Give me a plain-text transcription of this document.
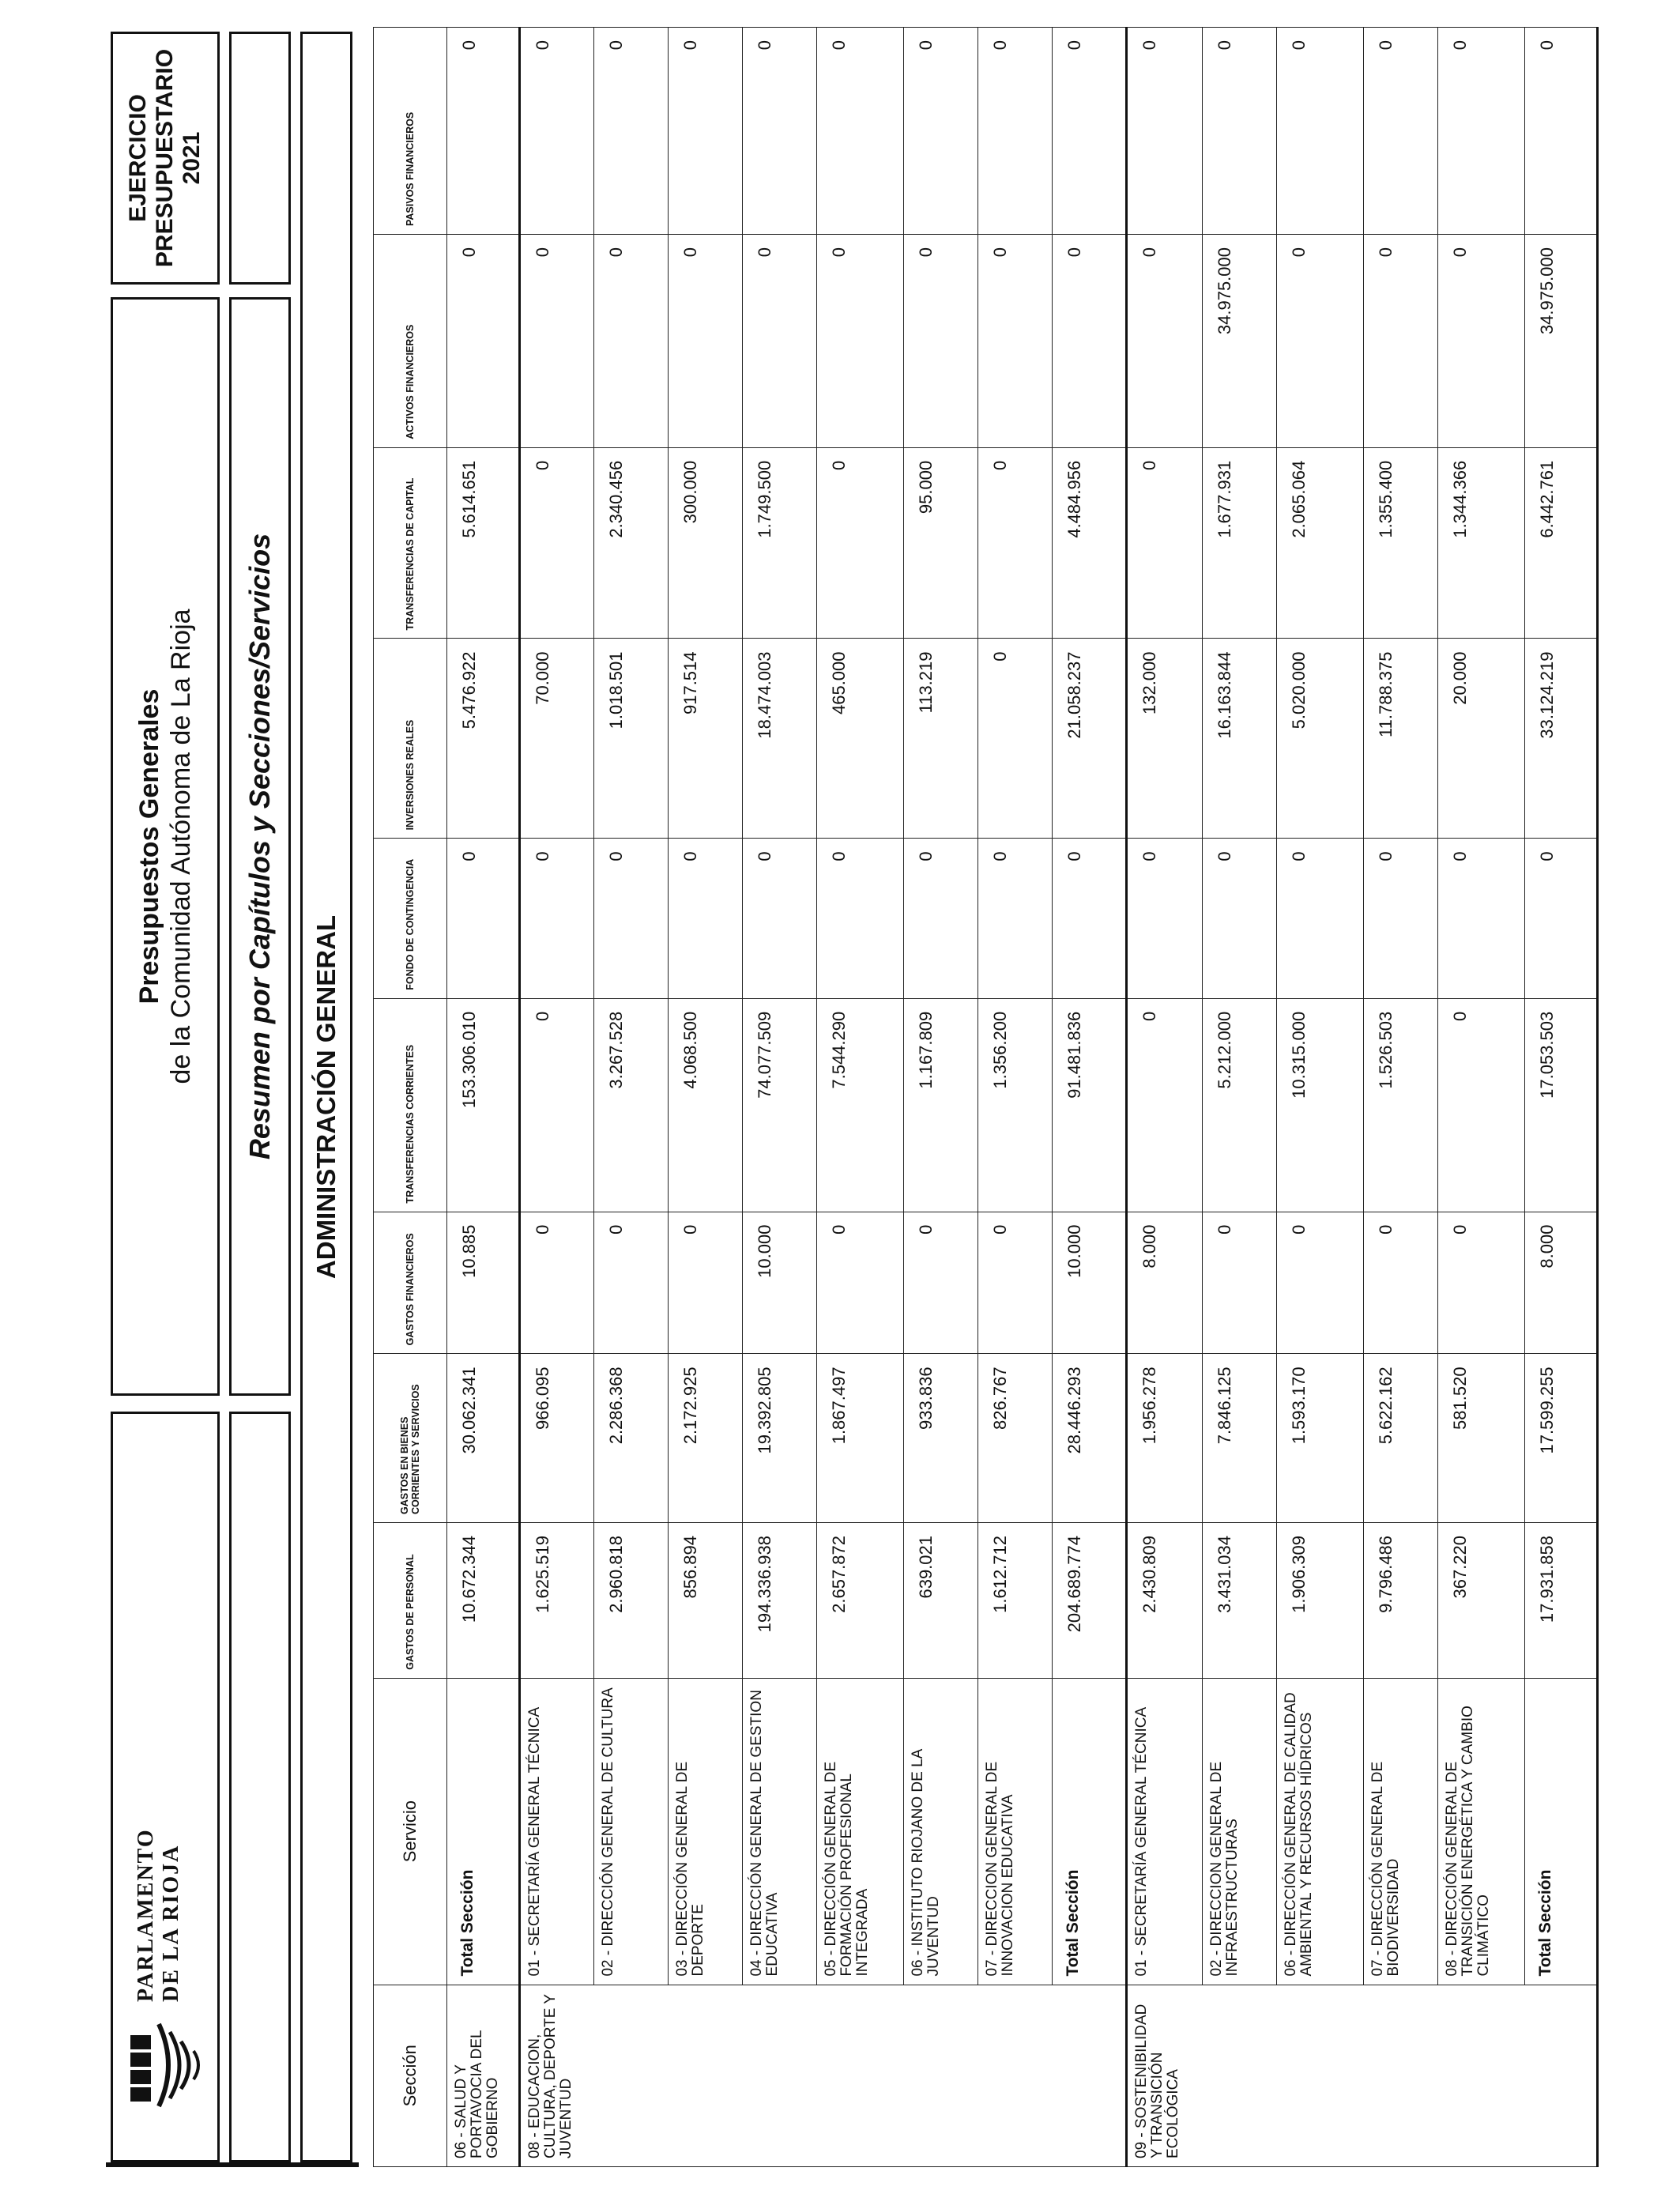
PARLAMENTO DE LA RIOJA
Presupuestos Generales de la Comunidad Autónoma de La Rioja
EJERCICIO PRESUPUESTARIO 2021
Resumen por Capítulos y Secciones/Servicios ADMINISTRACIÓN GENERAL
Sección	Servicio	GASTOS DE PERSONAL	GASTOS EN BIENES CORRIENTES Y SERVICIOS	GASTOS FINANCIEROS	TRANSFERENCIAS CORRIENTES	FONDO DE CONTINGENCIA	INVERSIONES REALES	TRANSFERENCIAS DE CAPITAL	ACTIVOS FINANCIEROS	PASIVOS FINANCIEROS
06 - SALUD Y PORTAVOCIA DEL GOBIERNO	Total Sección	10.672.344	30.062.341	10.885	153.306.010	0	5.476.922	5.614.651	0	0
08 - EDUCACION, CULTURA, DEPORTE Y JUVENTUD	01 - SECRETARÍA GENERAL TÉCNICA	1.625.519	966.095	0	0	0	70.000	0	0	0
	02 - DIRECCIÓN GENERAL DE CULTURA	2.960.818	2.286.368	0	3.267.528	0	1.018.501	2.340.456	0	0
	03 - DIRECCIÓN GENERAL DE DEPORTE	856.894	2.172.925	0	4.068.500	0	917.514	300.000	0	0
	04 - DIRECCIÓN GENERAL DE GESTION EDUCATIVA	194.336.938	19.392.805	10.000	74.077.509	0	18.474.003	1.749.500	0	0
	05 - DIRECCIÓN GENERAL DE FORMACIÓN PROFESIONAL INTEGRADA	2.657.872	1.867.497	0	7.544.290	0	465.000	0	0	0
	06 - INSTITUTO RIOJANO DE LA JUVENTUD	639.021	933.836	0	1.167.809	0	113.219	95.000	0	0
	07 - DIRECCION GENERAL DE INNOVACION EDUCATIVA	1.612.712	826.767	0	1.356.200	0	0	0	0	0
	Total Sección	204.689.774	28.446.293	10.000	91.481.836	0	21.058.237	4.484.956	0	0
09 - SOSTENIBILIDAD Y TRANSICIÓN ECOLÓGICA	01 - SECRETARÍA GENERAL TÉCNICA	2.430.809	1.956.278	8.000	0	0	132.000	0	0	0
	02 - DIRECCION GENERAL DE INFRAESTRUCTURAS	3.431.034	7.846.125	0	5.212.000	0	16.163.844	1.677.931	34.975.000	0
	06 - DIRECCIÓN GENERAL DE CALIDAD AMBIENTAL Y RECURSOS HÍDRICOS	1.906.309	1.593.170	0	10.315.000	0	5.020.000	2.065.064	0	0
	07 - DIRECCIÓN GENERAL DE BIODIVERSIDAD	9.796.486	5.622.162	0	1.526.503	0	11.788.375	1.355.400	0	0
	08 - DIRECCIÓN GENERAL DE TRANSICIÓN ENERGÉTICA Y CAMBIO CLIMÁTICO	367.220	581.520	0	0	0	20.000	1.344.366	0	0
	Total Sección	17.931.858	17.599.255	8.000	17.053.503	0	33.124.219	6.442.761	34.975.000	0
